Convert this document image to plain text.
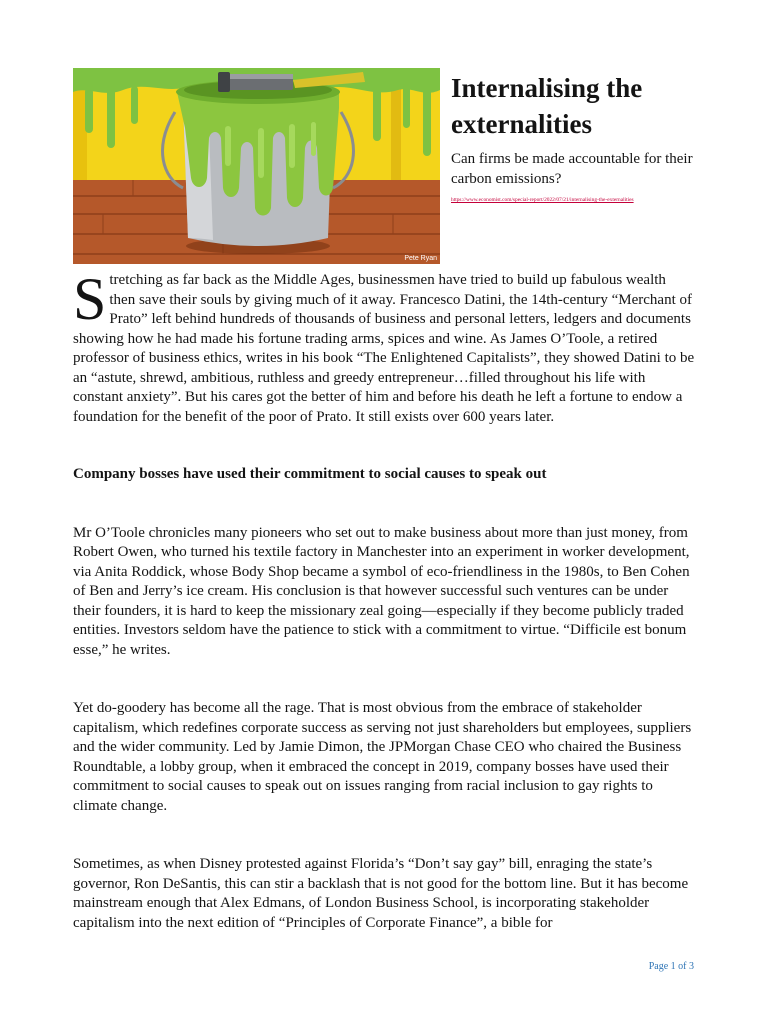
Pete Ryan
Internalising the externalities

Can firms be made accountable for their carbon emissions?

https://www.economist.com/special-report/2022/07/21/internalising-the-externalities

Stretching as far back as the Middle Ages, businessmen have tried to build up fabulous wealth then save their souls by giving much of it away. Francesco Datini, the 14th-century “Merchant of Prato” left behind hundreds of thousands of business and personal letters, ledgers and documents showing how he had made his fortune trading arms, spices and wine. As James O’Toole, a retired professor of business ethics, writes in his book “The Enlightened Capitalists”, they showed Datini to be an “astute, shrewd, ambitious, ruthless and greedy entrepreneur…filled throughout his life with constant anxiety”. But his cares got the better of him and before his death he left a fortune to endow a foundation for the benefit of the poor of Prato. It still exists over 600 years later.

Company bosses have used their commitment to social causes to speak out

Mr O’Toole chronicles many pioneers who set out to make business about more than just money, from Robert Owen, who turned his textile factory in Manchester into an experiment in worker development, via Anita Roddick, whose Body Shop became a symbol of eco-friendliness in the 1980s, to Ben Cohen of Ben and Jerry’s ice cream. His conclusion is that however successful such ventures can be under their founders, it is hard to keep the missionary zeal going—especially if they become publicly traded entities. Investors seldom have the patience to stick with a commitment to virtue. “Difficile est bonum esse,” he writes.

Yet do-goodery has become all the rage. That is most obvious from the embrace of stakeholder capitalism, which redefines corporate success as serving not just shareholders but employees, suppliers and the wider community. Led by Jamie Dimon, the JPMorgan Chase CEO who chaired the Business Roundtable, a lobby group, when it embraced the concept in 2019, company bosses have used their commitment to social causes to speak out on issues ranging from racial inclusion to gay rights to climate change.

Sometimes, as when Disney protested against Florida’s “Don’t say gay” bill, enraging the state’s governor, Ron DeSantis, this can stir a backlash that is not good for the bottom line. But it has become mainstream enough that Alex Edmans, of London Business School, is incorporating stakeholder capitalism into the next edition of “Principles of Corporate Finance”, a bible for

Page 1 of 3
